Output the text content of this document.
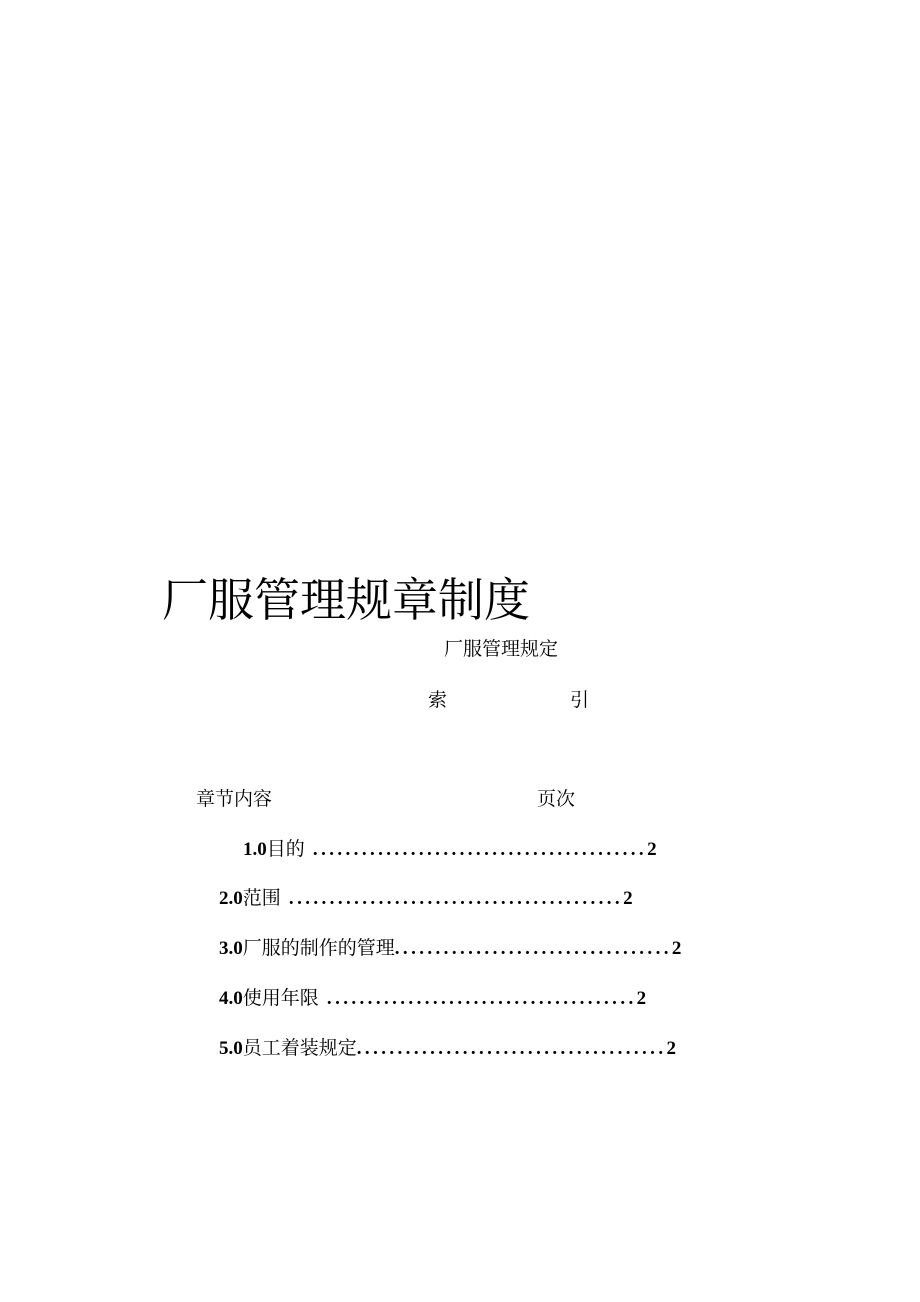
厂服管理规章制度
厂服管理规定
索	引
章节内容	页次
1.0目的 .........................................2
2.0范围 .........................................2
3.0厂服的制作的管理..................................2
4.0使用年限 ......................................2
5.0员工着装规定......................................2
